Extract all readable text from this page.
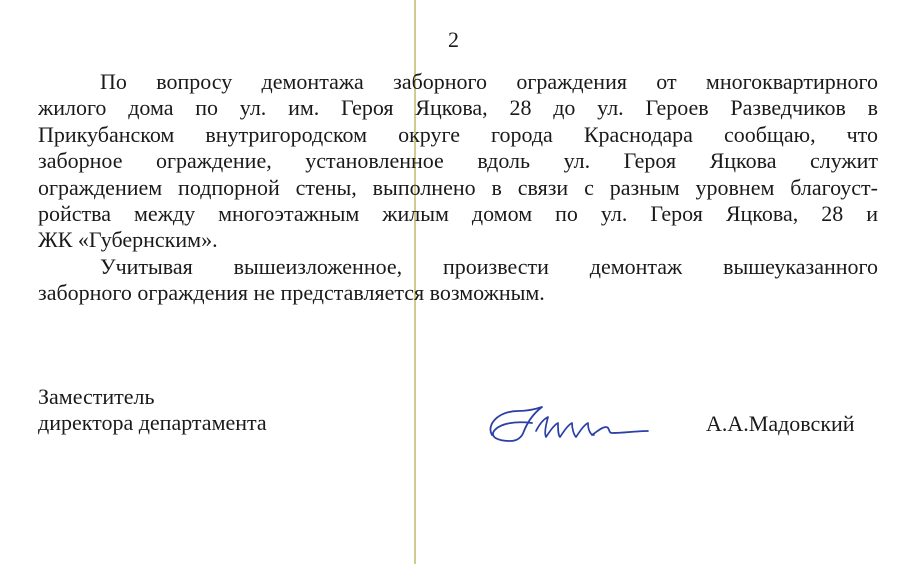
2
По вопросу демонтажа заборного ограждения от многоквартирного
жилого дома по ул. им. Героя Яцкова, 28 до ул. Героев Разведчиков в
Прикубанском внутригородском округе города Краснодара сообщаю, что
заборное ограждение, установленное вдоль ул. Героя Яцкова служит
ограждением подпорной стены, выполнено в связи с разным уровнем благоуст-
ройства между многоэтажным жилым домом по ул. Героя Яцкова, 28 и
ЖК «Губернским».
Учитывая вышеизложенное, произвести демонтаж вышеуказанного
заборного ограждения не представляется возможным.
Заместитель
директора департамента	А.А.Мадовский
